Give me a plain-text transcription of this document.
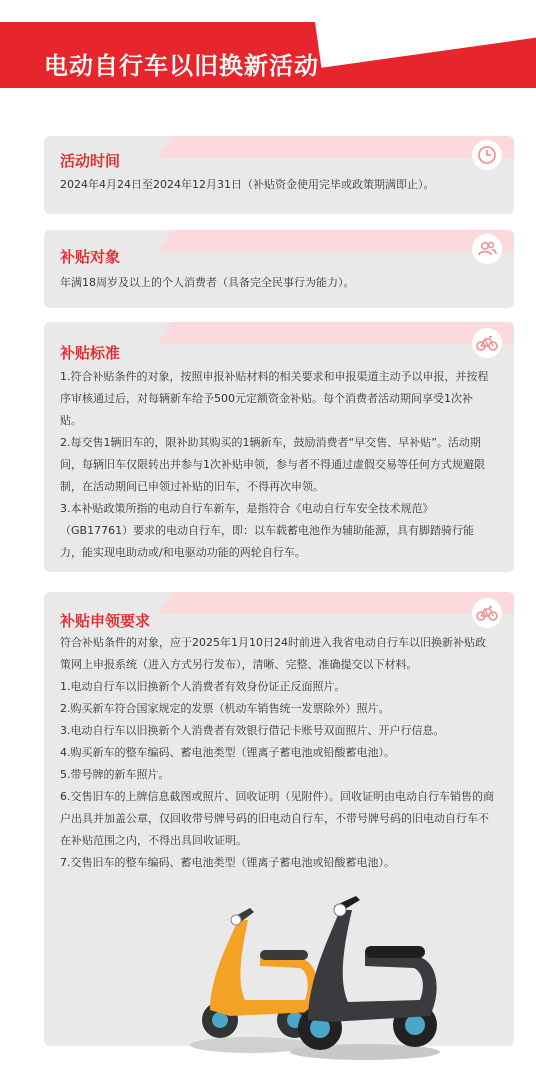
电动自行车以旧换新活动
活动时间
2024年4月24日至2024年12月31日（补贴资金使用完毕或政策期满即止）。
补贴对象
年满18周岁及以上的个人消费者（具备完全民事行为能力）。
补贴标准

1.符合补贴条件的对象，按照申报补贴材料的相关要求和申报渠道主动予以申报，并按程序审核通过后，对每辆新车给予500元定额资金补贴。每个消费者活动期间享受1次补贴。

2.每交售1辆旧车的，限补助其购买的1辆新车，鼓励消费者“早交售、早补贴”。活动期间，每辆旧车仅限转出并参与1次补贴申领，参与者不得通过虚假交易等任何方式规避限制，在活动期间已申领过补贴的旧车，不得再次申领。

3.本补贴政策所指的电动自行车新车，是指符合《电动自行车安全技术规范》（GB17761）要求的电动自行车，即：以车载蓄电池作为辅助能源，具有脚踏骑行能力，能实现电助动或/和电驱动功能的两轮自行车。

补贴申领要求

符合补贴条件的对象，应于2025年1月10日24时前进入我省电动自行车以旧换新补贴政策网上申报系统（进入方式另行发布），清晰、完整、准确提交以下材料。

1.电动自行车以旧换新个人消费者有效身份证正反面照片。

2.购买新车符合国家规定的发票（机动车销售统一发票除外）照片。

3.电动自行车以旧换新个人消费者有效银行借记卡账号双面照片、开户行信息。

4.购买新车的整车编码、蓄电池类型（锂离子蓄电池或铅酸蓄电池）。

5.带号牌的新车照片。

6.交售旧车的上牌信息截图或照片、回收证明（见附件）。回收证明由电动自行车销售的商户出具并加盖公章，仅回收带号牌号码的旧电动自行车，不带号牌号码的旧电动自行车不在补贴范围之内，不得出具回收证明。

7.交售旧车的整车编码、蓄电池类型（锂离子蓄电池或铅酸蓄电池）。
